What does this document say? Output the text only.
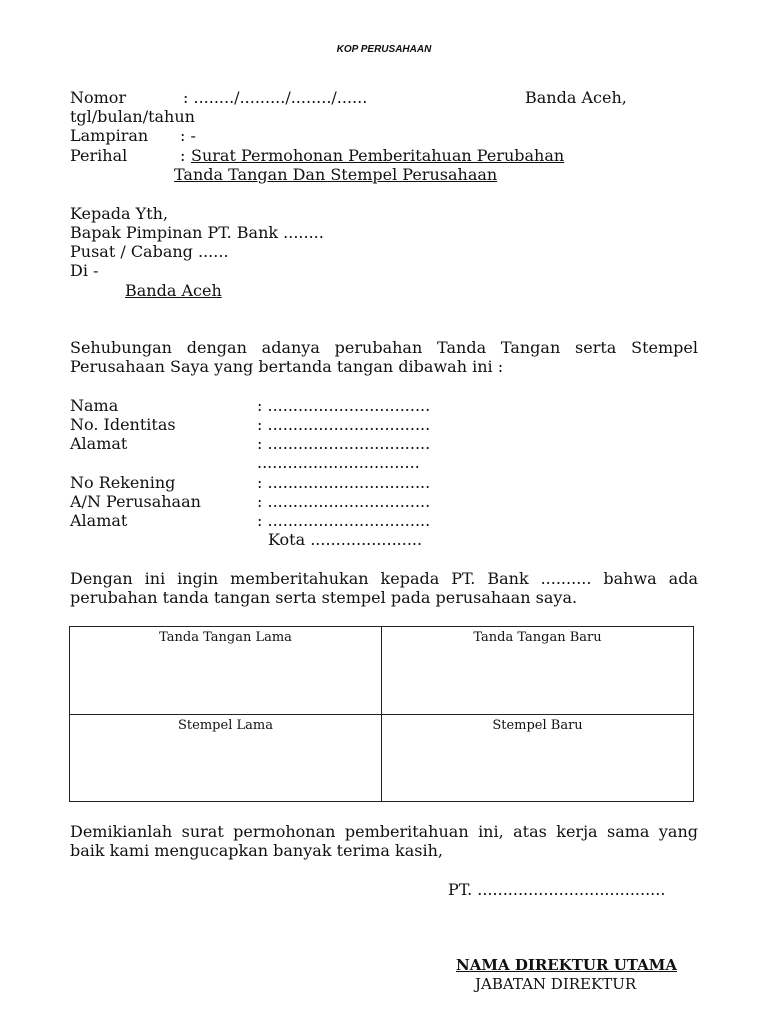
KOP PERUSAHAAN
Nomor	: ......../........./......../......	Banda Aceh,
tgl/bulan/tahun
Lampiran : -
Perihal	: Surat Permohonan Pemberitahuan Perubahan
Tanda Tangan Dan Stempel Perusahaan
Kepada Yth,
Bapak Pimpinan PT. Bank ........
Pusat / Cabang ......
Di -
Banda Aceh
Sehubungan dengan adanya perubahan Tanda Tangan serta Stempel Perusahaan Saya yang bertanda tangan dibawah ini :
Nama	: ................................
No. Identitas	: ................................
Alamat	: ................................
................................
No Rekening	: ................................
A/N Perusahaan	: ................................
Alamat	: ................................
Kota ......................
Dengan ini ingin memberitahukan kepada PT. Bank .......... bahwa ada perubahan tanda tangan serta stempel pada perusahaan saya.
Tanda Tangan Lama	Tanda Tangan Baru
Stempel Lama	Stempel Baru
Demikianlah surat permohonan pemberitahuan ini, atas kerja sama yang baik kami mengucapkan banyak terima kasih,
PT. .....................................
NAMA DIREKTUR UTAMA
JABATAN DIREKTUR
